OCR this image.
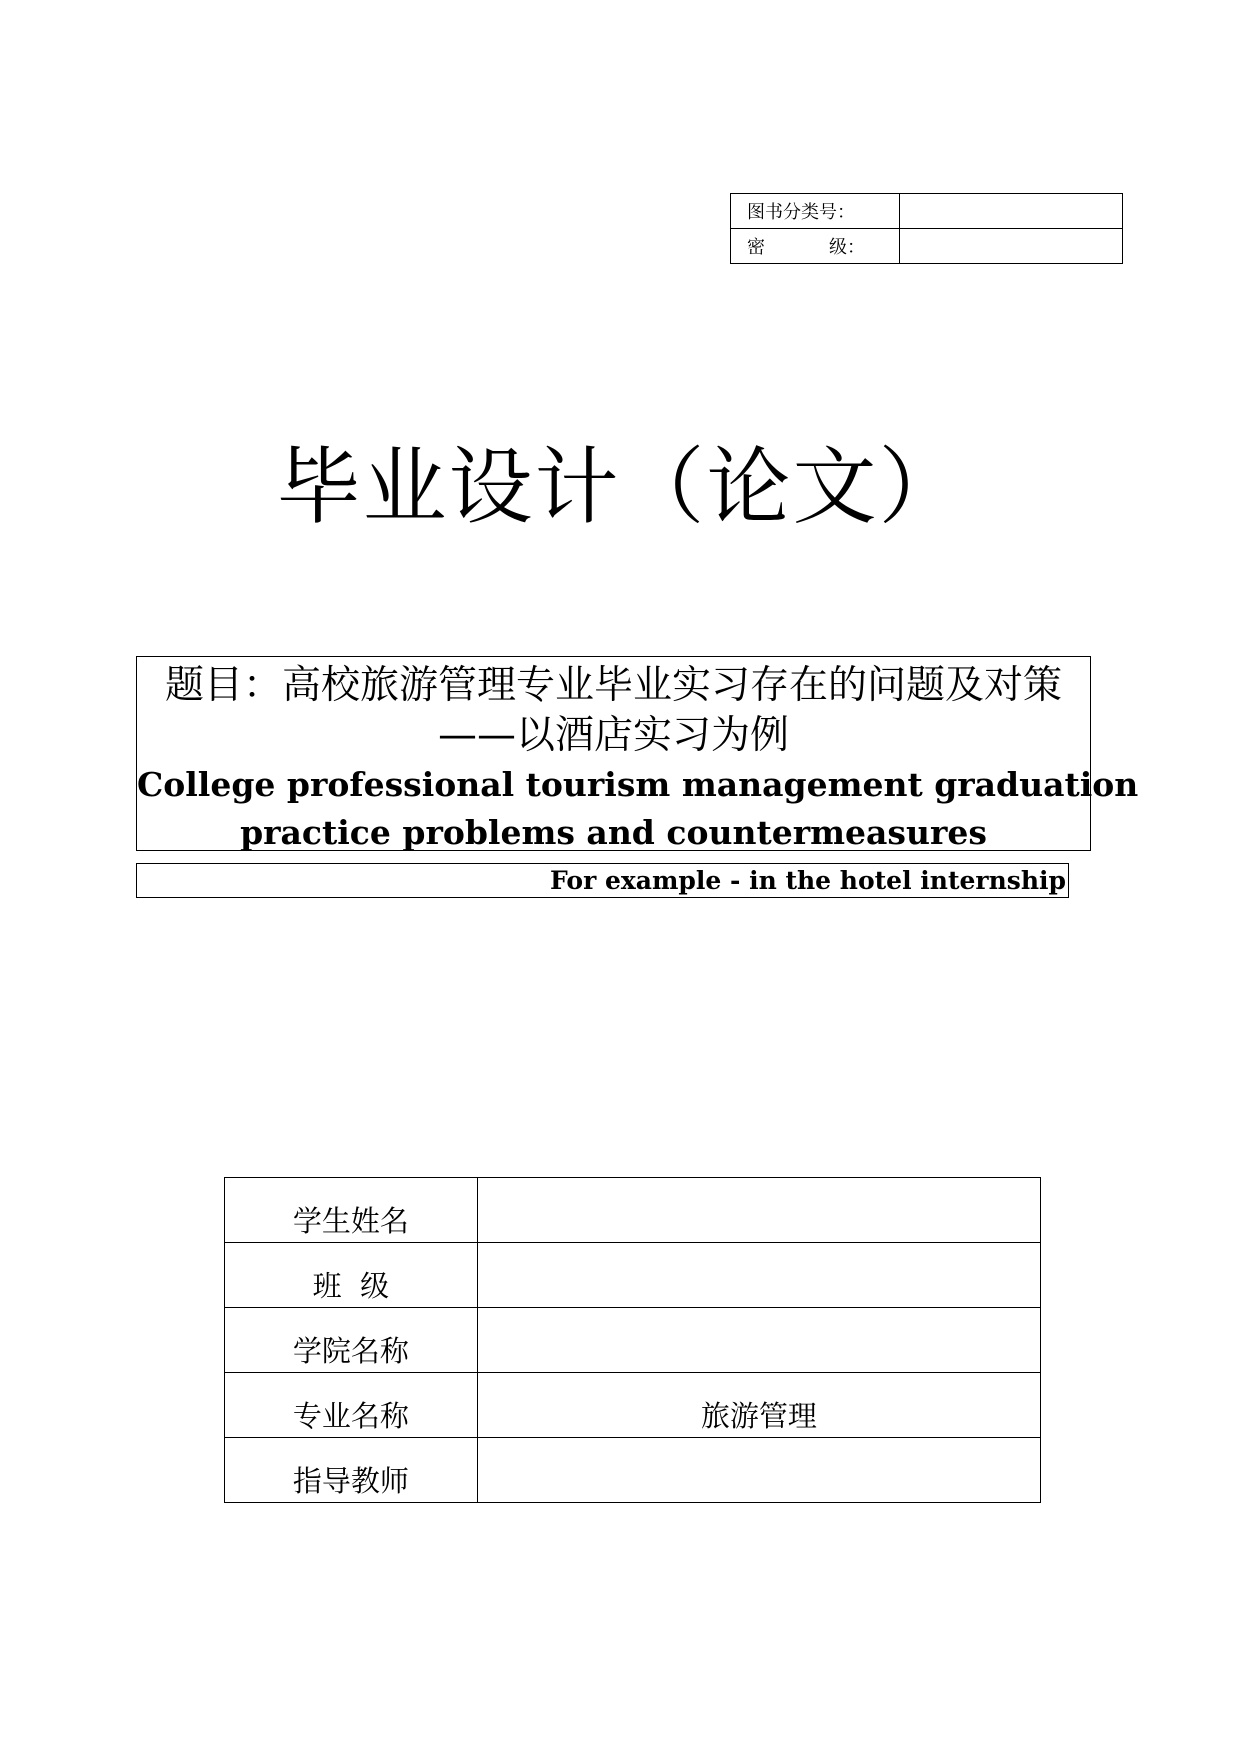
图书分类号：	

密 级：	

毕业设计（论文）
题目：高校旅游管理专业毕业实习存在的问题及对策
——以酒店实习为例
College professional tourism management graduation
practice problems and countermeasures
For example - in the hotel internship
学生姓名	
班  级	
学院名称	
专业名称	旅游管理
指导教师	
